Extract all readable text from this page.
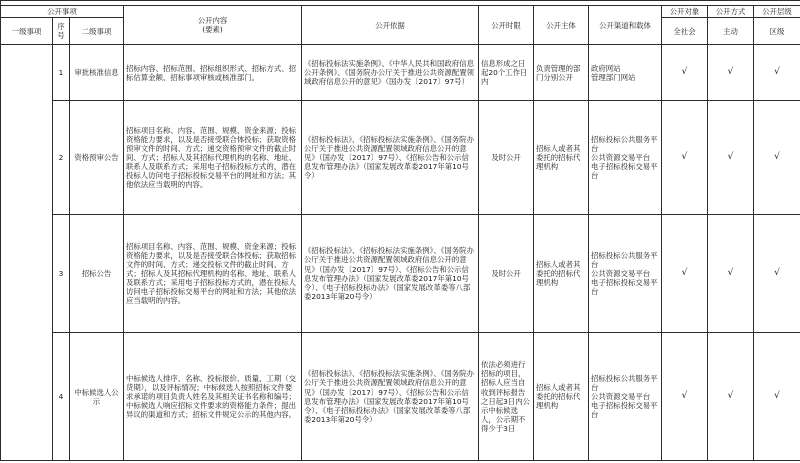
公开事项			公开内容
(要素)	公开依据	公开时限	公开主体	公开渠道和载体	公开对象	公开方式	公开层级
一级事项	序号	二级事项						全社会	主动	区级
	1	审批核准信息	招标内容、招标范围、招标组织形式、招标方式、招标估算金额、招标事项审核或核准部门。	《招标投标法实施条例》、《中华人民共和国政府信息公开条例》、《国务院办公厅关于推进公共资源配置领域政府信息公开的意见》（国办发〔2017〕97号）	信息形成之日起20个工作日内	负责管理的部门分别公开	政府网站
管理部门网站	√	√	√
	2	资格预审公告	招标项目名称、内容、范围、规模、资金来源；投标资格能力要求，以及是否接受联合体投标；获取资格预审文件的时间、方式；递交资格预审文件的截止时间、方式；招标人及其招标代理机构的名称、地址、联系人及联系方式；采用电子招标投标方式的，潜在投标人访问电子招标投标交易平台的网址和方法；其他依法应当载明的内容。	《招标投标法》、《招标投标法实施条例》、《国务院办公厅关于推进公共资源配置领域政府信息公开的意见》（国办发〔2017〕97号）、《招标公告和公示信息发布管理办法》（国家发展改革委2017年第10号令）	及时公开	招标人或者其委托的招标代理机构	招标投标公共服务平台
公共资源交易平台
电子招标投标交易平台	√	√	√
	3	招标公告	招标项目名称、内容、范围、规模、资金来源；投标资格能力要求，以及是否接受联合体投标；获取招标文件的时间、方式；递交投标文件的截止时间、方式；招标人及其招标代理机构的名称、地址、联系人及联系方式；采用电子招标投标方式的，潜在投标人访问电子招标投标交易平台的网址和方法；其他依法应当载明的内容。	《招标投标法》、《招标投标法实施条例》、《国务院办公厅关于推进公共资源配置领域政府信息公开的意见》（国办发〔2017〕97号）、《招标公告和公示信息发布管理办法》（国家发展改革委2017年第10号令）、《电子招标投标办法》（国家发展改革委等八部委2013年第20号令）	及时公开	招标人或者其委托的招标代理机构	招标投标公共服务平台
公共资源交易平台
电子招标投标交易平台	√	√	√
	4	中标候选人公示	中标候选人排序、名称、投标报价、质量、工期（交货期），以及评标情况；中标候选人按照招标文件要求承诺的项目负责人姓名及其相关证书名称和编号；中标候选人响应招标文件要求的资格能力条件；提出异议的渠道和方式；招标文件规定公示的其他内容。	《招标投标法》、《招标投标法实施条例》、《国务院办公厅关于推进公共资源配置领域政府信息公开的意见》（国办发〔2017〕97号）、《招标公告和公示信息发布管理办法》（国家发展改革委2017年第10号令）、《电子招标投标办法》（国家发展改革委等八部委2013年第20号令）	依法必须进行招标的项目，招标人应当自收到评标报告之日起3日内公示中标候选人，公示期不得少于3日	招标人或者其委托的招标代理机构	招标投标公共服务平台
公共资源交易平台
电子招标投标交易平台	√	√	√
